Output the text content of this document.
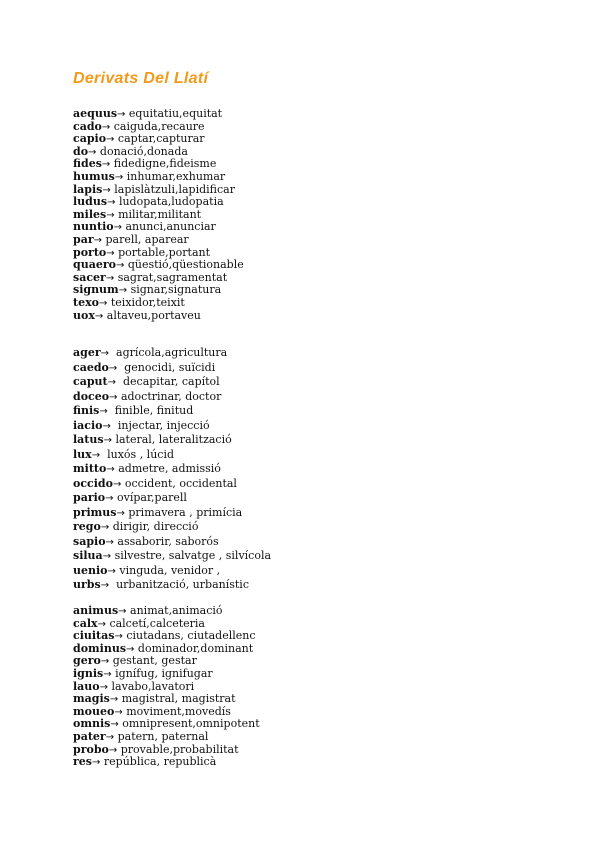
Derivats Del Llatí
aequus→ equitatiu,equitat
cado→ caiguda,recaure
capio→ captar,capturar
do→ donació,donada
fides→ fidedigne,fideisme
humus→ inhumar,exhumar
lapis→ lapislàtzuli,lapidificar
ludus→ ludopata,ludopatia
miles→ militar,militant
nuntio→ anunci,anunciar
par→ parell, aparear
porto→ portable,portant
quaero→ qüestió,qüestionable
sacer→ sagrat,sagramentat
signum→ signar,signatura
texo→ teixidor,teixit
uox→ altaveu,portaveu
ager→  agrícola,agricultura
caedo→  genocidi, suïcidi
caput→  decapitar, capítol
doceo→ adoctrinar, doctor
finis→  finible, finitud
iacio→  injectar, injecció
latus→ lateral, lateralització
lux→  luxós , lúcid
mitto→ admetre, admissió
occido→ occident, occidental
pario→ ovípar,parell
primus→ primavera , primícia
rego→ dirigir, direcció
sapio→ assaborir, saborós
silua→ silvestre, salvatge , silvícola
uenio→ vinguda, venidor ,
urbs→  urbanització, urbanístic
animus→ animat,animació
calx→ calcetí,calceteria
ciuitas→ ciutadans, ciutadellenc
dominus→ dominador,dominant
gero→ gestant, gestar
ignis→ ignífug, ignifugar
lauo→ lavabo,lavatori
magis→ magistral, magistrat
moueo→ moviment,movedís
omnis→ omnipresent,omnipotent
pater→ patern, paternal
probo→ provable,probabilitat
res→ república, republicà
